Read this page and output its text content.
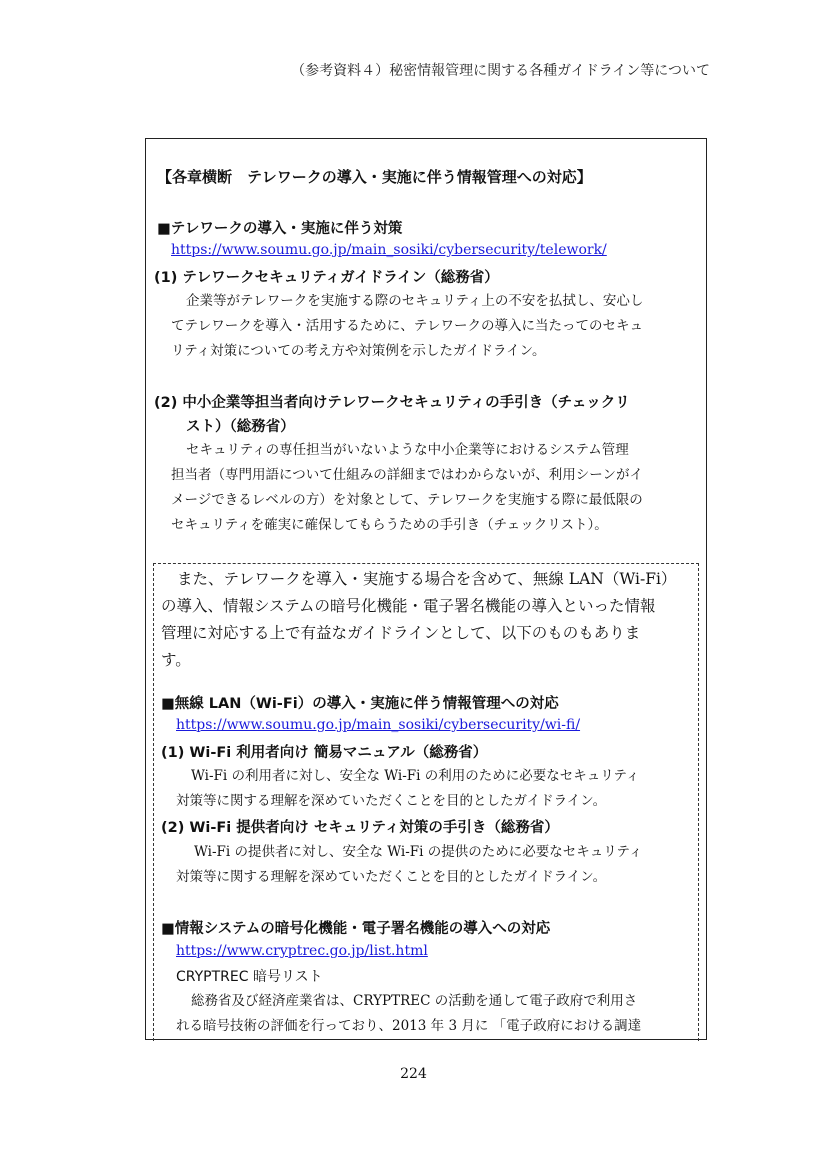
（参考資料４）秘密情報管理に関する各種ガイドライン等について
【各章横断　テレワークの導入・実施に伴う情報管理への対応】
■テレワークの導入・実施に伴う対策
https://www.soumu.go.jp/main_sosiki/cybersecurity/telework/
(1) テレワークセキュリティガイドライン（総務省）
企業等がテレワークを実施する際のセキュリティ上の不安を払拭し、安心し
てテレワークを導入・活用するために、テレワークの導入に当たってのセキュ
リティ対策についての考え方や対策例を示したガイドライン。
(2) 中小企業等担当者向けテレワークセキュリティの手引き（チェックリ
スト）（総務省）
セキュリティの専任担当がいないような中小企業等におけるシステム管理
担当者（専門用語について仕組みの詳細まではわからないが、利用シーンがイ
メージできるレベルの方）を対象として、テレワークを実施する際に最低限の
セキュリティを確実に確保してもらうための手引き（チェックリスト）。
また、テレワークを導入・実施する場合を含めて、無線 LAN（Wi-Fi）
の導入、情報システムの暗号化機能・電子署名機能の導入といった情報
管理に対応する上で有益なガイドラインとして、以下のものもありま
す。
■無線 LAN（Wi-Fi）の導入・実施に伴う情報管理への対応
https://www.soumu.go.jp/main_sosiki/cybersecurity/wi-fi/
(1) Wi-Fi 利用者向け 簡易マニュアル（総務省）
Wi-Fi の利用者に対し、安全な Wi-Fi の利用のために必要なセキュリティ
対策等に関する理解を深めていただくことを目的としたガイドライン。
(2) Wi-Fi 提供者向け セキュリティ対策の手引き（総務省）
Wi-Fi の提供者に対し、安全な Wi-Fi の提供のために必要なセキュリティ
対策等に関する理解を深めていただくことを目的としたガイドライン。
■情報システムの暗号化機能・電子署名機能の導入への対応
https://www.cryptrec.go.jp/list.html
CRYPTREC 暗号リスト
総務省及び経済産業省は、CRYPTREC の活動を通して電子政府で利用さ
れる暗号技術の評価を行っており、2013 年 3 月に 「電子政府における調達
224
